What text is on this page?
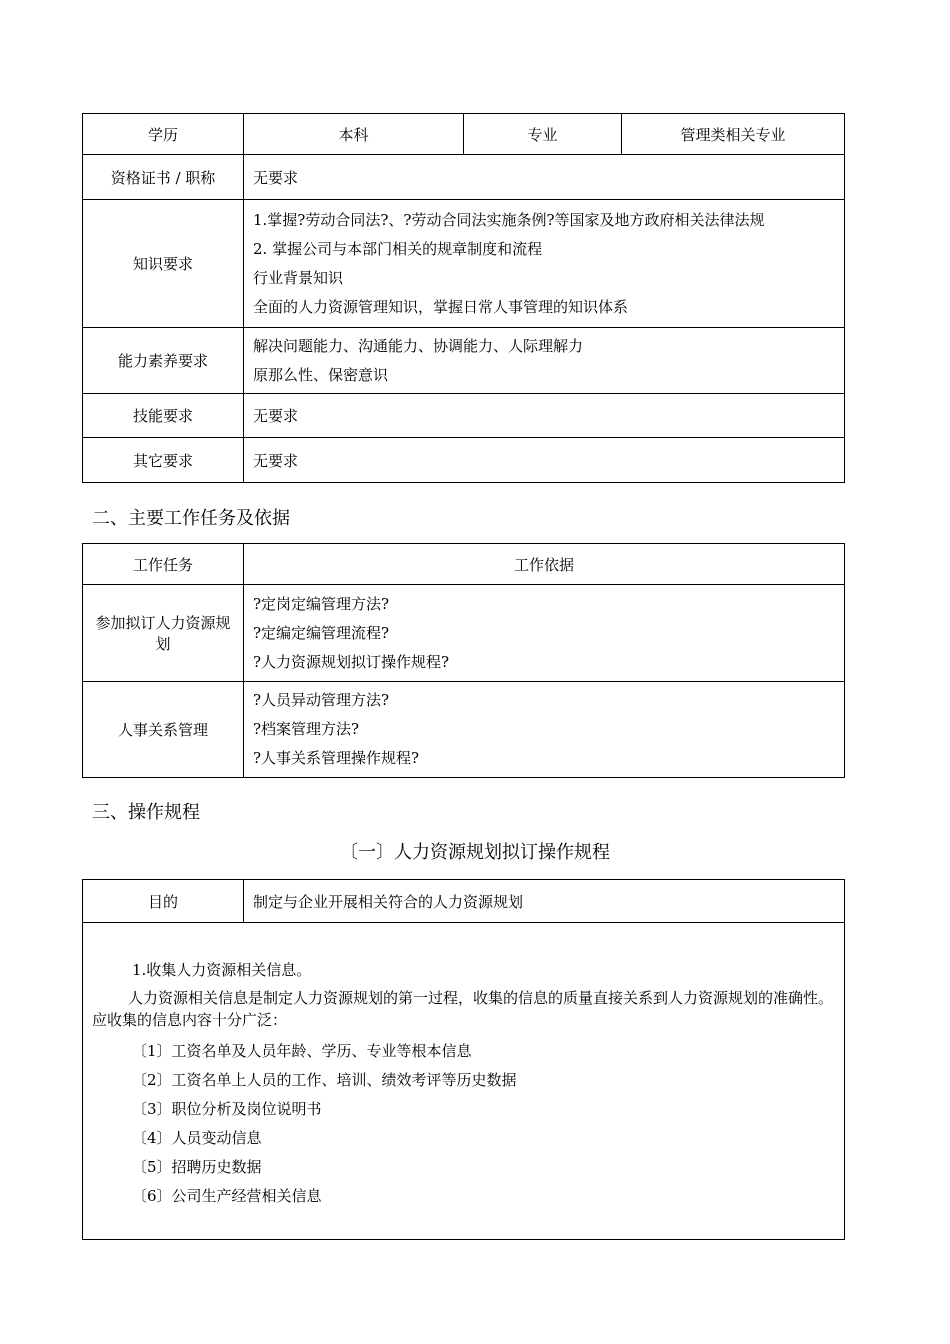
学历	本科	专业	管理类相关专业
资格证书 / 职称	无要求		
知识要求	1.掌握?劳动合同法?、?劳动合同法实施条例?等国家及地方政府相关法律法规
2. 掌握公司与本部门相关的规章制度和流程
行业背景知识
全面的人力资源管理知识，掌握日常人事管理的知识体系		

能力素养要求	解决问题能力、沟通能力、协调能力、人际理解力
原那么性、保密意识		

技能要求	无要求		
其它要求	无要求		
二、主要工作任务及依据
工作任务	工作依据
参加拟订人力资源规划	?定岗定编管理方法?
?定编定编管理流程?
?人力资源规划拟订操作规程?

人事关系管理	?人员异动管理方法?
?档案管理方法?
?人事关系管理操作规程?
三、操作规程
〔一〕人力资源规划拟订操作规程
目的	制定与企业开展相关符合的人力资源规划

1.收集人力资源相关信息。

人力资源相关信息是制定人力资源规划的第一过程，收集的信息的质量直接关系到人力资源规划的准确性。应收集的信息内容十分广泛：

〔1〕工资名单及人员年龄、学历、专业等根本信息
〔2〕工资名单上人员的工作、培训、绩效考评等历史数据
〔3〕职位分析及岗位说明书
〔4〕人员变动信息
〔5〕招聘历史数据
〔6〕公司生产经营相关信息
